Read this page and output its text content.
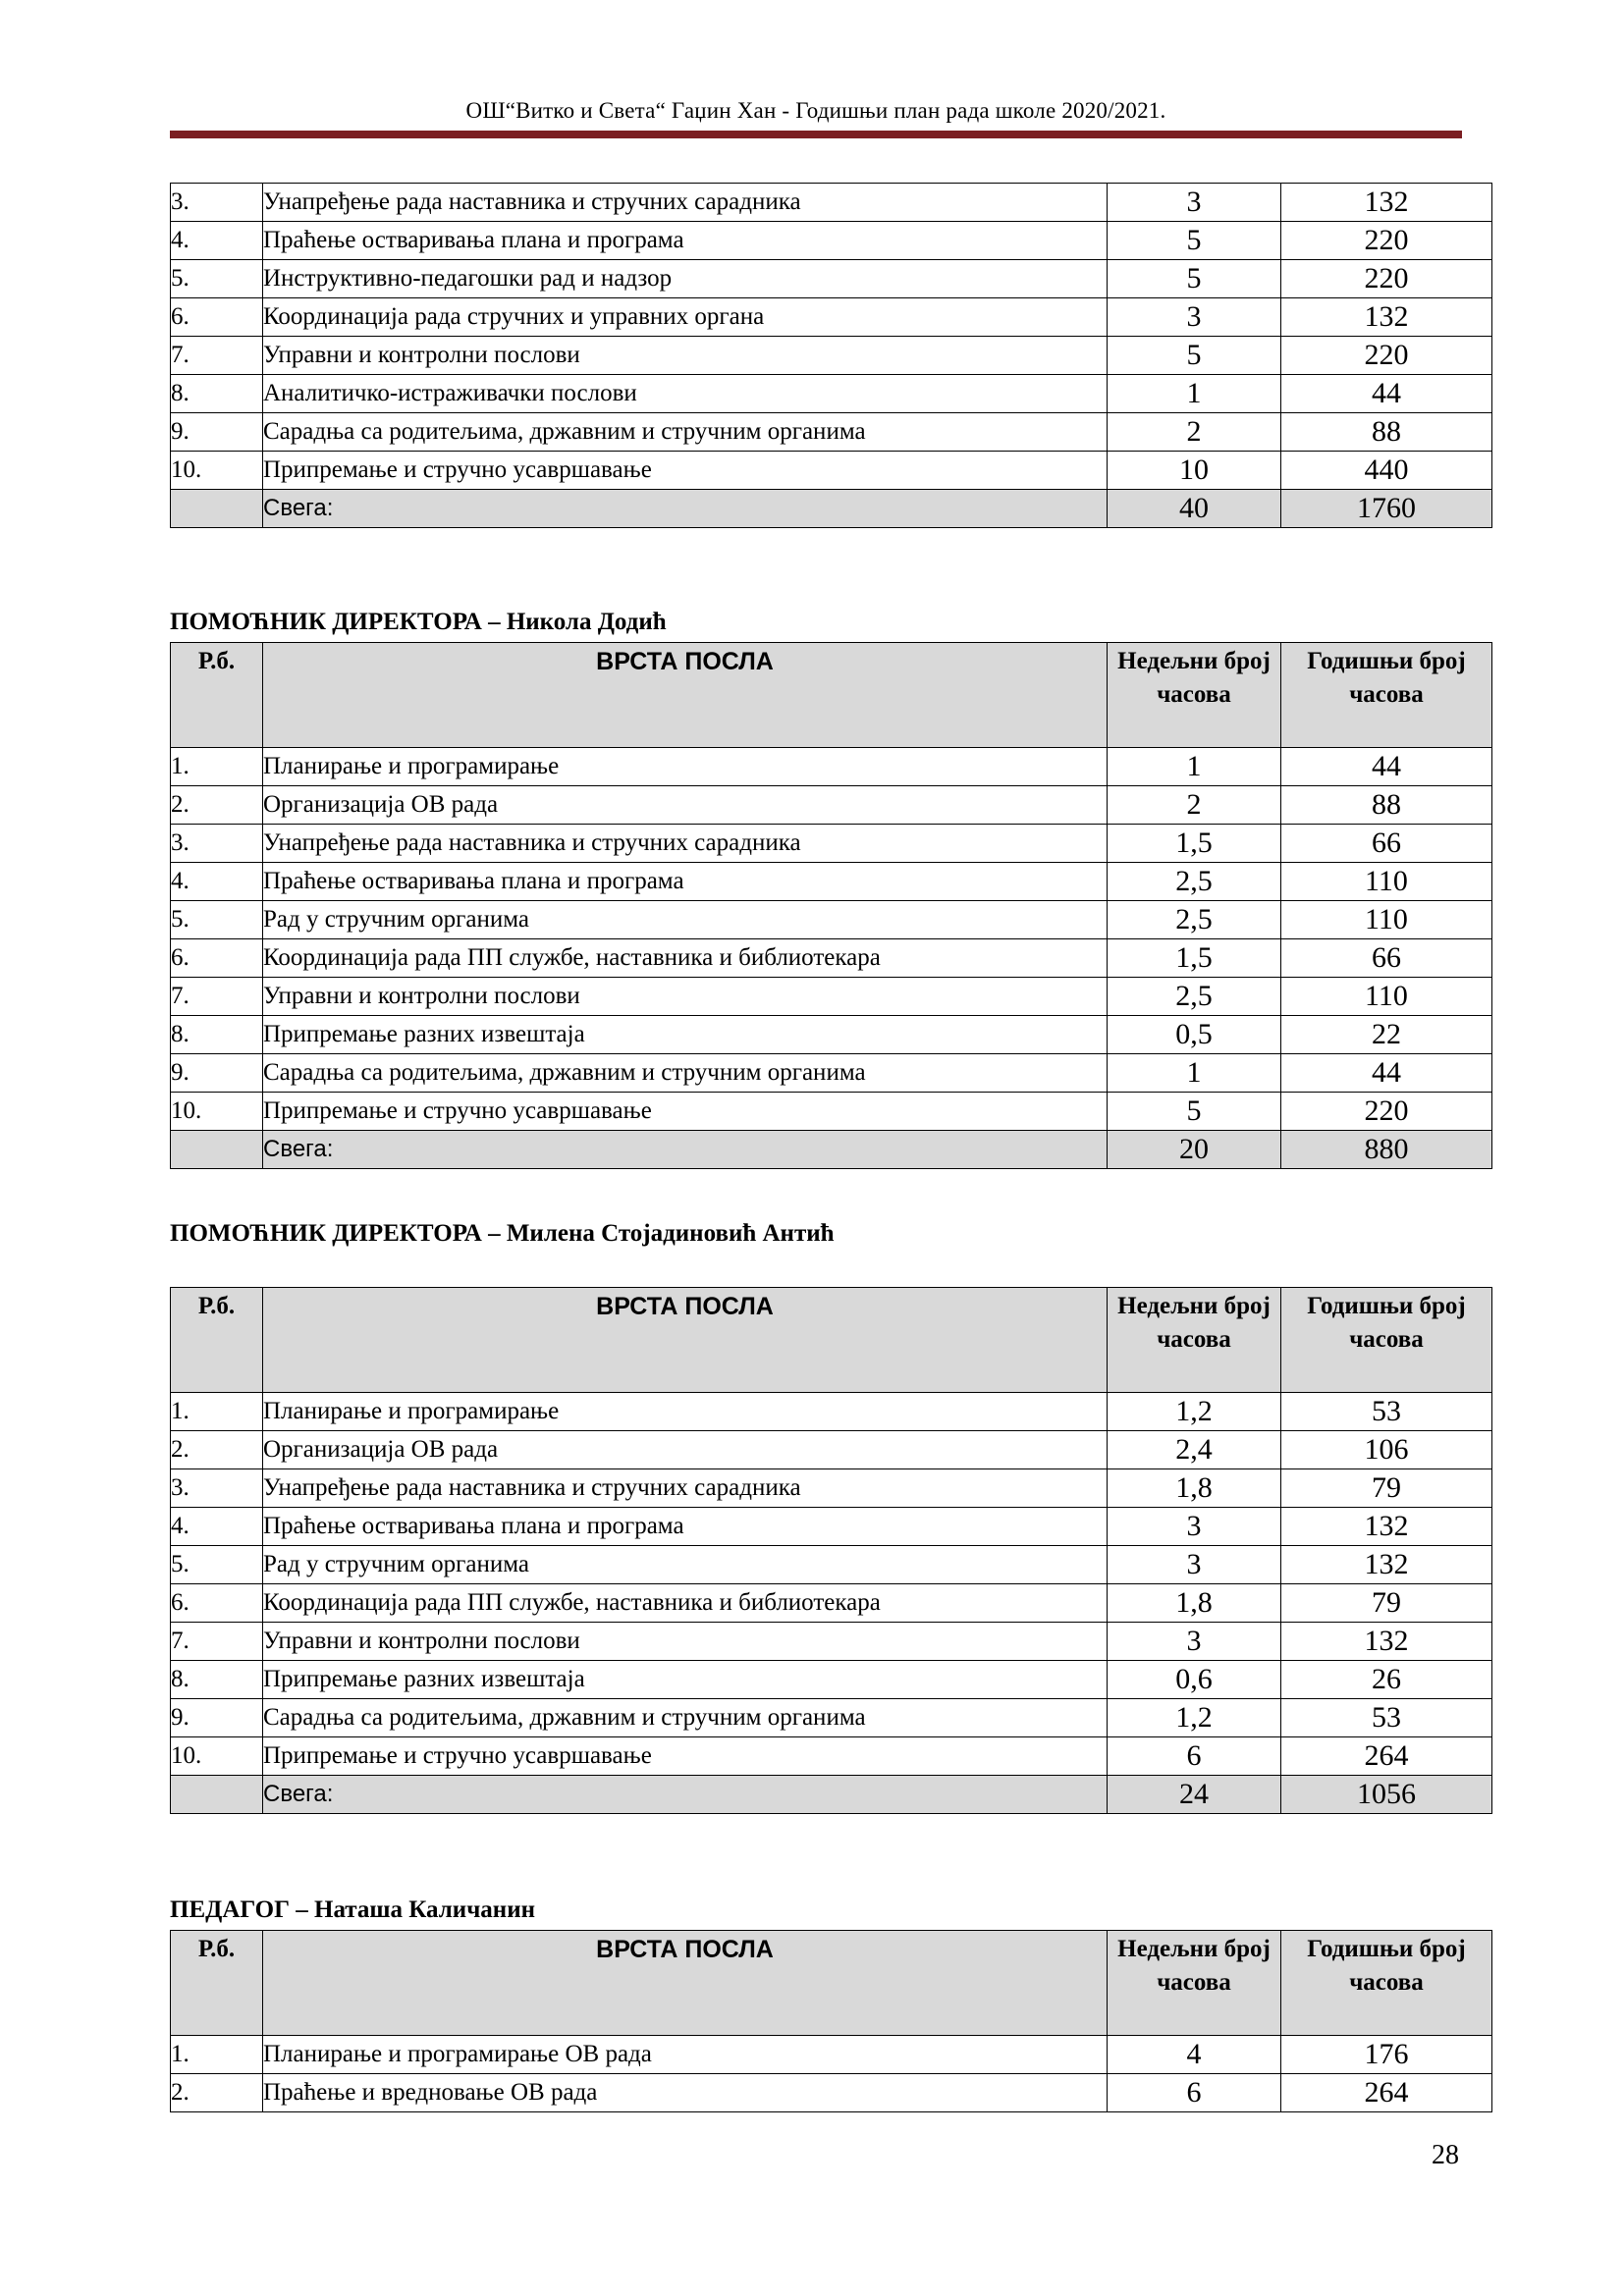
ОШ“Витко и Света“ Гаџин Хан - Годишњи план рада школе 2020/2021.
3.	Унапређење рада наставника и стручних сарадника	3	132
4.	Праћење остваривања плана и програма	5	220
5.	Инструктивно-педагошки рад и надзор	5	220
6.	Координација рада стручних и управних органа	3	132
7.	Управни и контролни послови	5	220
8.	Аналитичко-истраживачки послови	1	44
9.	Сарадња са родитељима, државним и стручним органима	2	88
10.	Припремање и стручно усавршавање	10	440
	Свега:	40	1760
ПОМОЋНИК ДИРЕКТОРА – Никола Додић
Р.б.	ВРСТА ПОСЛА	Недељни број часова	Годишњи број часова
1.	Планирање и програмирање	1	44
2.	Организација ОВ рада	2	88
3.	Унапређење рада наставника и стручних сарадника	1,5	66
4.	Праћење остваривања плана и програма	2,5	110
5.	Рад у стручним органима	2,5	110
6.	Координација рада ПП службе, наставника и библиотекара	1,5	66
7.	Управни и контролни послови	2,5	110
8.	Припремање разних извештаја	0,5	22
9.	Сарадња са родитељима, државним и стручним органима	1	44
10.	Припремање и стручно усавршавање	5	220
	Свега:	20	880
ПОМОЋНИК ДИРЕКТОРА – Милена Стојадиновић Антић
Р.б.	ВРСТА ПОСЛА	Недељни број часова	Годишњи број часова
1.	Планирање и програмирање	1,2	53
2.	Организација ОВ рада	2,4	106
3.	Унапређење рада наставника и стручних сарадника	1,8	79
4.	Праћење остваривања плана и програма	3	132
5.	Рад у стручним органима	3	132
6.	Координација рада ПП службе, наставника и библиотекара	1,8	79
7.	Управни и контролни послови	3	132
8.	Припремање разних извештаја	0,6	26
9.	Сарадња са родитељима, државним и стручним органима	1,2	53
10.	Припремање и стручно усавршавање	6	264
	Свега:	24	1056
ПЕДАГОГ – Наташа Каличанин
Р.б.	ВРСТА ПОСЛА	Недељни број часова	Годишњи број часова
1.	Планирање и програмирање ОВ рада	4	176
2.	Праћење и вредновање ОВ рада	6	264
28
